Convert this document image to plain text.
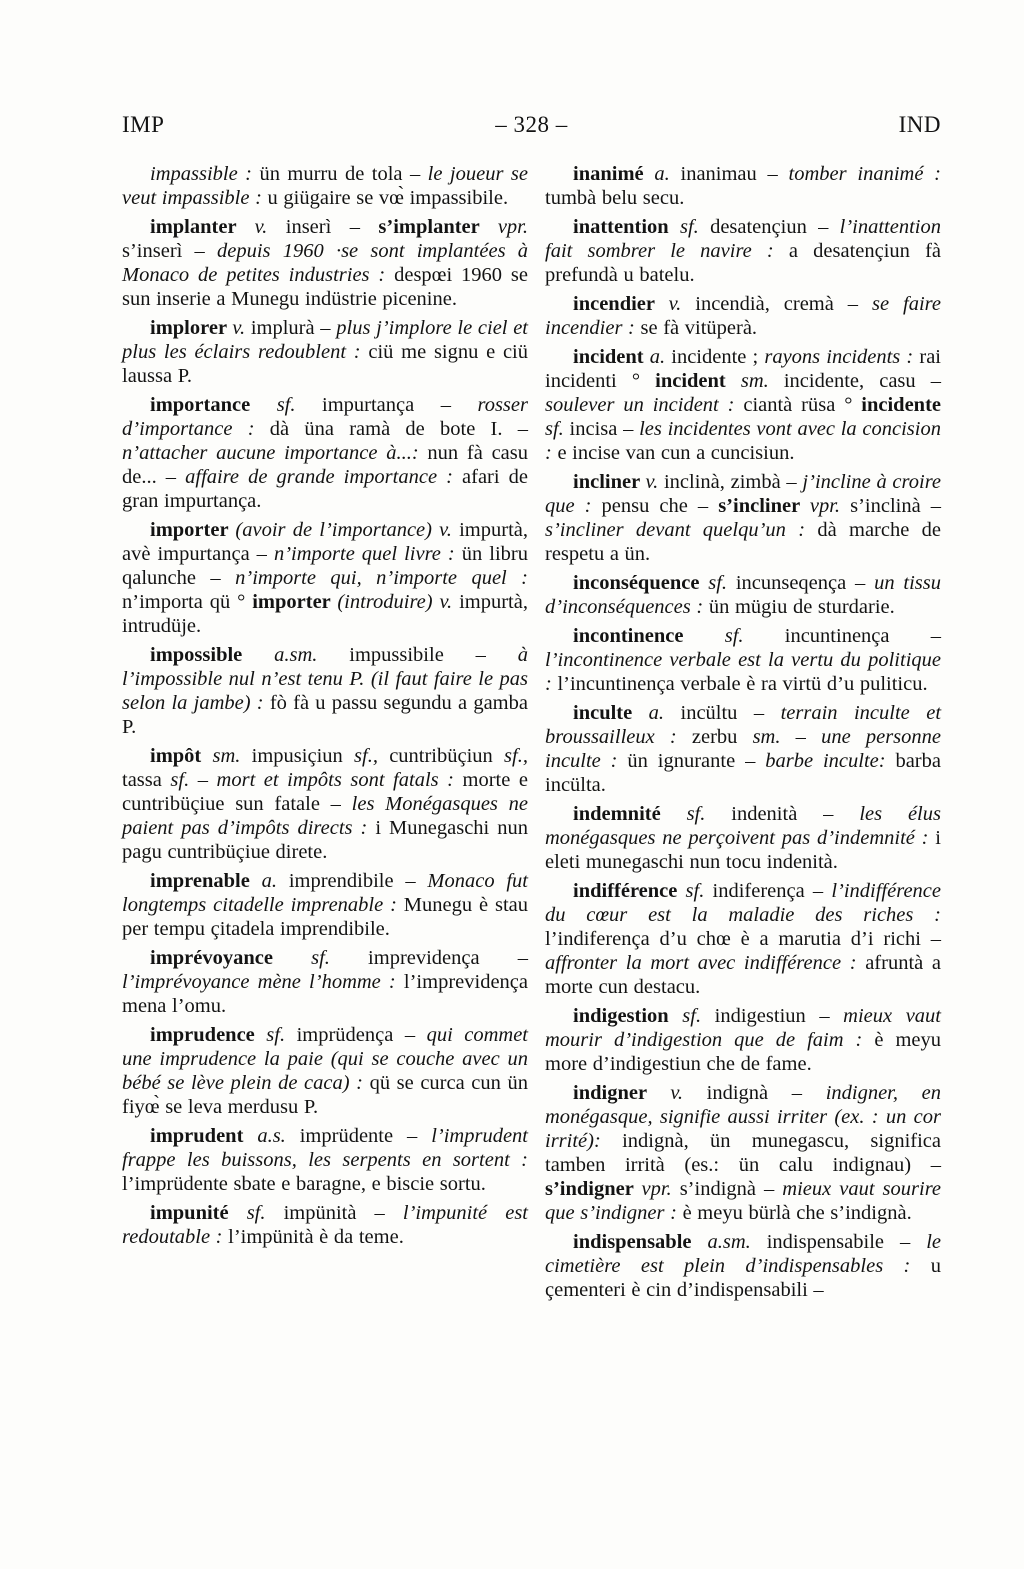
IMP	– 328 –	IND

impassible : ün murru de tola – le joueur se veut impassible : u giügaire se vœ̀ impassibile.

implanter v. inserì – s’implanter vpr. s’inserì – depuis 1960 ·se sont implantées à Monaco de petites industries : despœi 1960 se sun inserie a Munegu indüstrie picenine.

implorer v. implurà – plus j’implore le ciel et plus les éclairs redoublent : ciü me signu e ciü laussa P.

importance sf. impurtança – rosser d’importance : dà üna ramà de bote I. – n’attacher aucune importance à...: nun fà casu de... – affaire de grande importance : afari de gran impurtança.

importer (avoir de l’importance) v. impurtà, avè impurtança – n’importe quel livre : ün libru qalunche – n’importe qui, n’importe quel : n’importa qü ° importer (introduire) v. impurtà, intrudüje.

impossible a.sm. impussibile – à l’impossible nul n’est tenu P. (il faut faire le pas selon la jambe) : fò fà u passu segundu a gamba P.

impôt sm. impusiçiun sf., cuntribüçiun sf., tassa sf. – mort et impôts sont fatals : morte e cuntribüçiue sun fatale – les Monégasques ne paient pas d’impôts directs : i Munegaschi nun pagu cuntribüçiue direte.

imprenable a. imprendibile – Monaco fut longtemps citadelle imprenable : Munegu è stau per tempu çitadela imprendibile.

imprévoyance sf. imprevidença – l’imprévoyance mène l’homme : l’imprevidença mena l’omu.

imprudence sf. imprüdença – qui commet une imprudence la paie (qui se couche avec un bébé se lève plein de caca) : qü se curca cun ün fiyœ̀ se leva merdusu P.

imprudent a.s. imprüdente – l’imprudent frappe les buissons, les serpents en sortent : l’imprüdente sbate e baragne, e biscie sortu.

impunité sf. impünità – l’impunité est redoutable : l’impünità è da teme.

inanimé a. inanimau – tomber inanimé : tumbà belu secu.

inattention sf. desatençiun – l’inattention fait sombrer le navire : a desatençiun fà prefundà u batelu.

incendier v. incendià, cremà – se faire incendier : se fà vitüperà.

incident a. incidente ; rayons incidents : rai incidenti ° incident sm. incidente, casu – soulever un incident : ciantà rüsa ° incidente sf. incisa – les incidentes vont avec la concision : e incise van cun a cuncisiun.

incliner v. inclinà, zimbà – j’incline à croire que : pensu che – s’incliner vpr. s’inclinà – s’incliner devant quelqu’un : dà marche de respetu a ün.

inconséquence sf. incunseqença – un tissu d’inconséquences : ün mügiu de sturdarie.

incontinence sf. incuntinença – l’incontinence verbale est la vertu du politique : l’incuntinença verbale è ra virtü d’u puliticu.

inculte a. incültu – terrain inculte et broussailleux : zerbu sm. – une personne inculte : ün ignurante – barbe inculte: barba incülta.

indemnité sf. indenità – les élus monégasques ne perçoivent pas d’indemnité : i eleti munegaschi nun tocu indenità.

indifférence sf. indiferença – l’indifférence du cœur est la maladie des riches : l’indiferença d’u chœ è a marutia d’i richi – affronter la mort avec indifférence : afruntà a morte cun destacu.

indigestion sf. indigestiun – mieux vaut mourir d’indigestion que de faim : è meyu more d’indigestiun che de fame.

indigner v. indignà – indigner, en monégasque, signifie aussi irriter (ex. : un cor irrité): indignà, ün munegascu, significa tamben irrità (es.: ün calu indignau) – s’indigner vpr. s’indignà – mieux vaut sourire que s’indigner : è meyu bürlà che s’indignà.

indispensable a.sm. indispensabile – le cimetière est plein d’indispensables : u çementeri è cin d’indispensabili –
